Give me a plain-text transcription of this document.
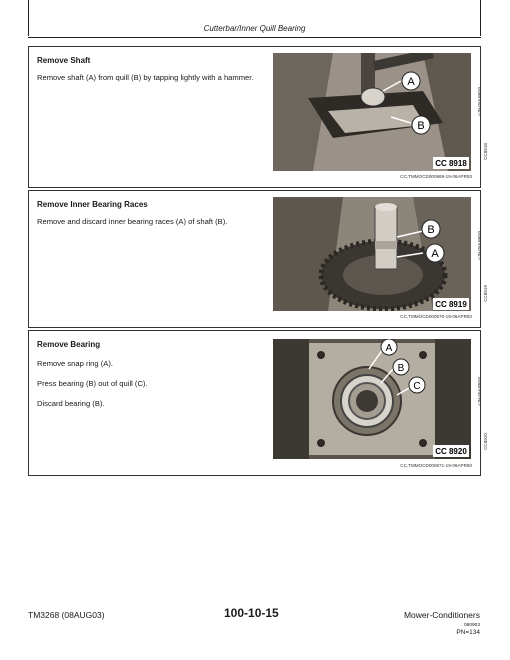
Cutterbar/Inner Quill Bearing
Remove Shaft
Remove shaft (A) from quill (B) by tapping lightly with a hammer.	A
B
CC 8918
-UN-06APR93
CC8918
CC,TMMOCD000669-19-06APR93
Remove Inner Bearing Races
Remove and discard inner bearing races (A) of shaft (B).
B
A
CC 8919
-UN-06APR93
CC8919
CC,TMMOCD000670-19-06APR93
Remove Bearing
Remove snap ring (A).
Press bearing (B) out of quill (C).
Discard bearing (B).
A
B
C
CC 8920
-UN-06APR93
CC8920
CC,TMMOCD000671-19-06APR93
TM3268 (08AUG03)	100-10-15	Mower-Conditioners
080903
PN=134
